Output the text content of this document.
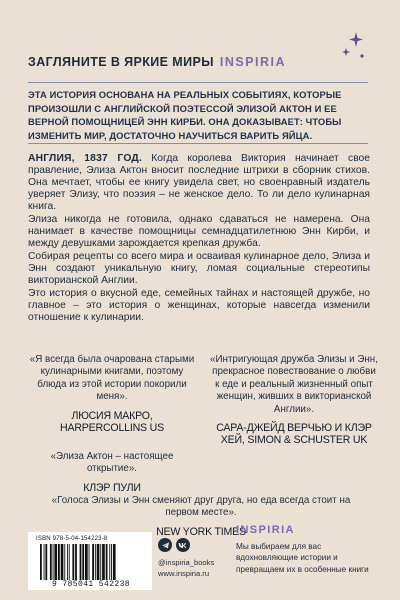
ЗАГЛЯНИТЕ В ЯРКИЕ МИРЫ INSPIRIA
ЭТА ИСТОРИЯ ОСНОВАНА НА РЕАЛЬНЫХ СОБЫТИЯХ, КОТОРЫЕ ПРОИЗОШЛИ С АНГЛИЙСКОЙ ПОЭТЕССОЙ ЭЛИЗОЙ АКТОН И ЕЕ ВЕРНОЙ ПОМОЩНИЦЕЙ ЭНН КИРБИ. ОНА ДОКАЗЫВАЕТ: ЧТОБЫ ИЗМЕНИТЬ МИР, ДОСТАТОЧНО НАУЧИТЬСЯ ВАРИТЬ ЯЙЦА.

АНГЛИЯ, 1837 ГОД. Когда королева Виктория начинает свое правление, Элиза Актон вносит последние штрихи в сборник стихов. Она мечтает, чтобы ее книгу увидела свет, но своенравный издатель уверяет Элизу, что поэзия – не женское дело. То ли дело кулинарная книга.

Элиза никогда не готовила, однако сдаваться не намерена. Она нанимает в качестве помощницы семнадцатилетнюю Энн Кирби, и между девушками зарождается крепкая дружба.

Собирая рецепты со всего мира и осваивая кулинарное дело, Элиза и Энн создают уникальную книгу, ломая социальные стереотипы викторианской Англии.

Это история о вкусной еде, семейных тайнах и настоящей дружбе, но главное – это история о женщинах, которые навсегда изменили отношение к кулинарии.

«Я всегда была очарована старыми кулинарными книгами, поэтому блюда из этой истории покорили меня».
ЛЮСИЯ МАКРО, HARPERCOLLINS US
«Элиза Актон – настоящее открытие».
КЛЭР ПУЛИ
«Интригующая дружба Элизы и Энн, прекрасное повествование о любви к еде и реальный жизненный опыт женщин, живших в викторианской Англии».
САРА-ДЖЕЙД ВЕРЧЬЮ И КЛЭР ХЕЙ, SIMON & SCHUSTER UK
«Голоса Элизы и Энн сменяют друг друга, но еда всегда стоит на первом месте».
NEW YORK TIMES
ISBN 978-5-04-154223-8
9 785041 542238
@inspiria_books
www.inspiria.ru
INSPIRIA
Мы выбираем для вас вдохновляющие истории и превращаем их в особенные книги
